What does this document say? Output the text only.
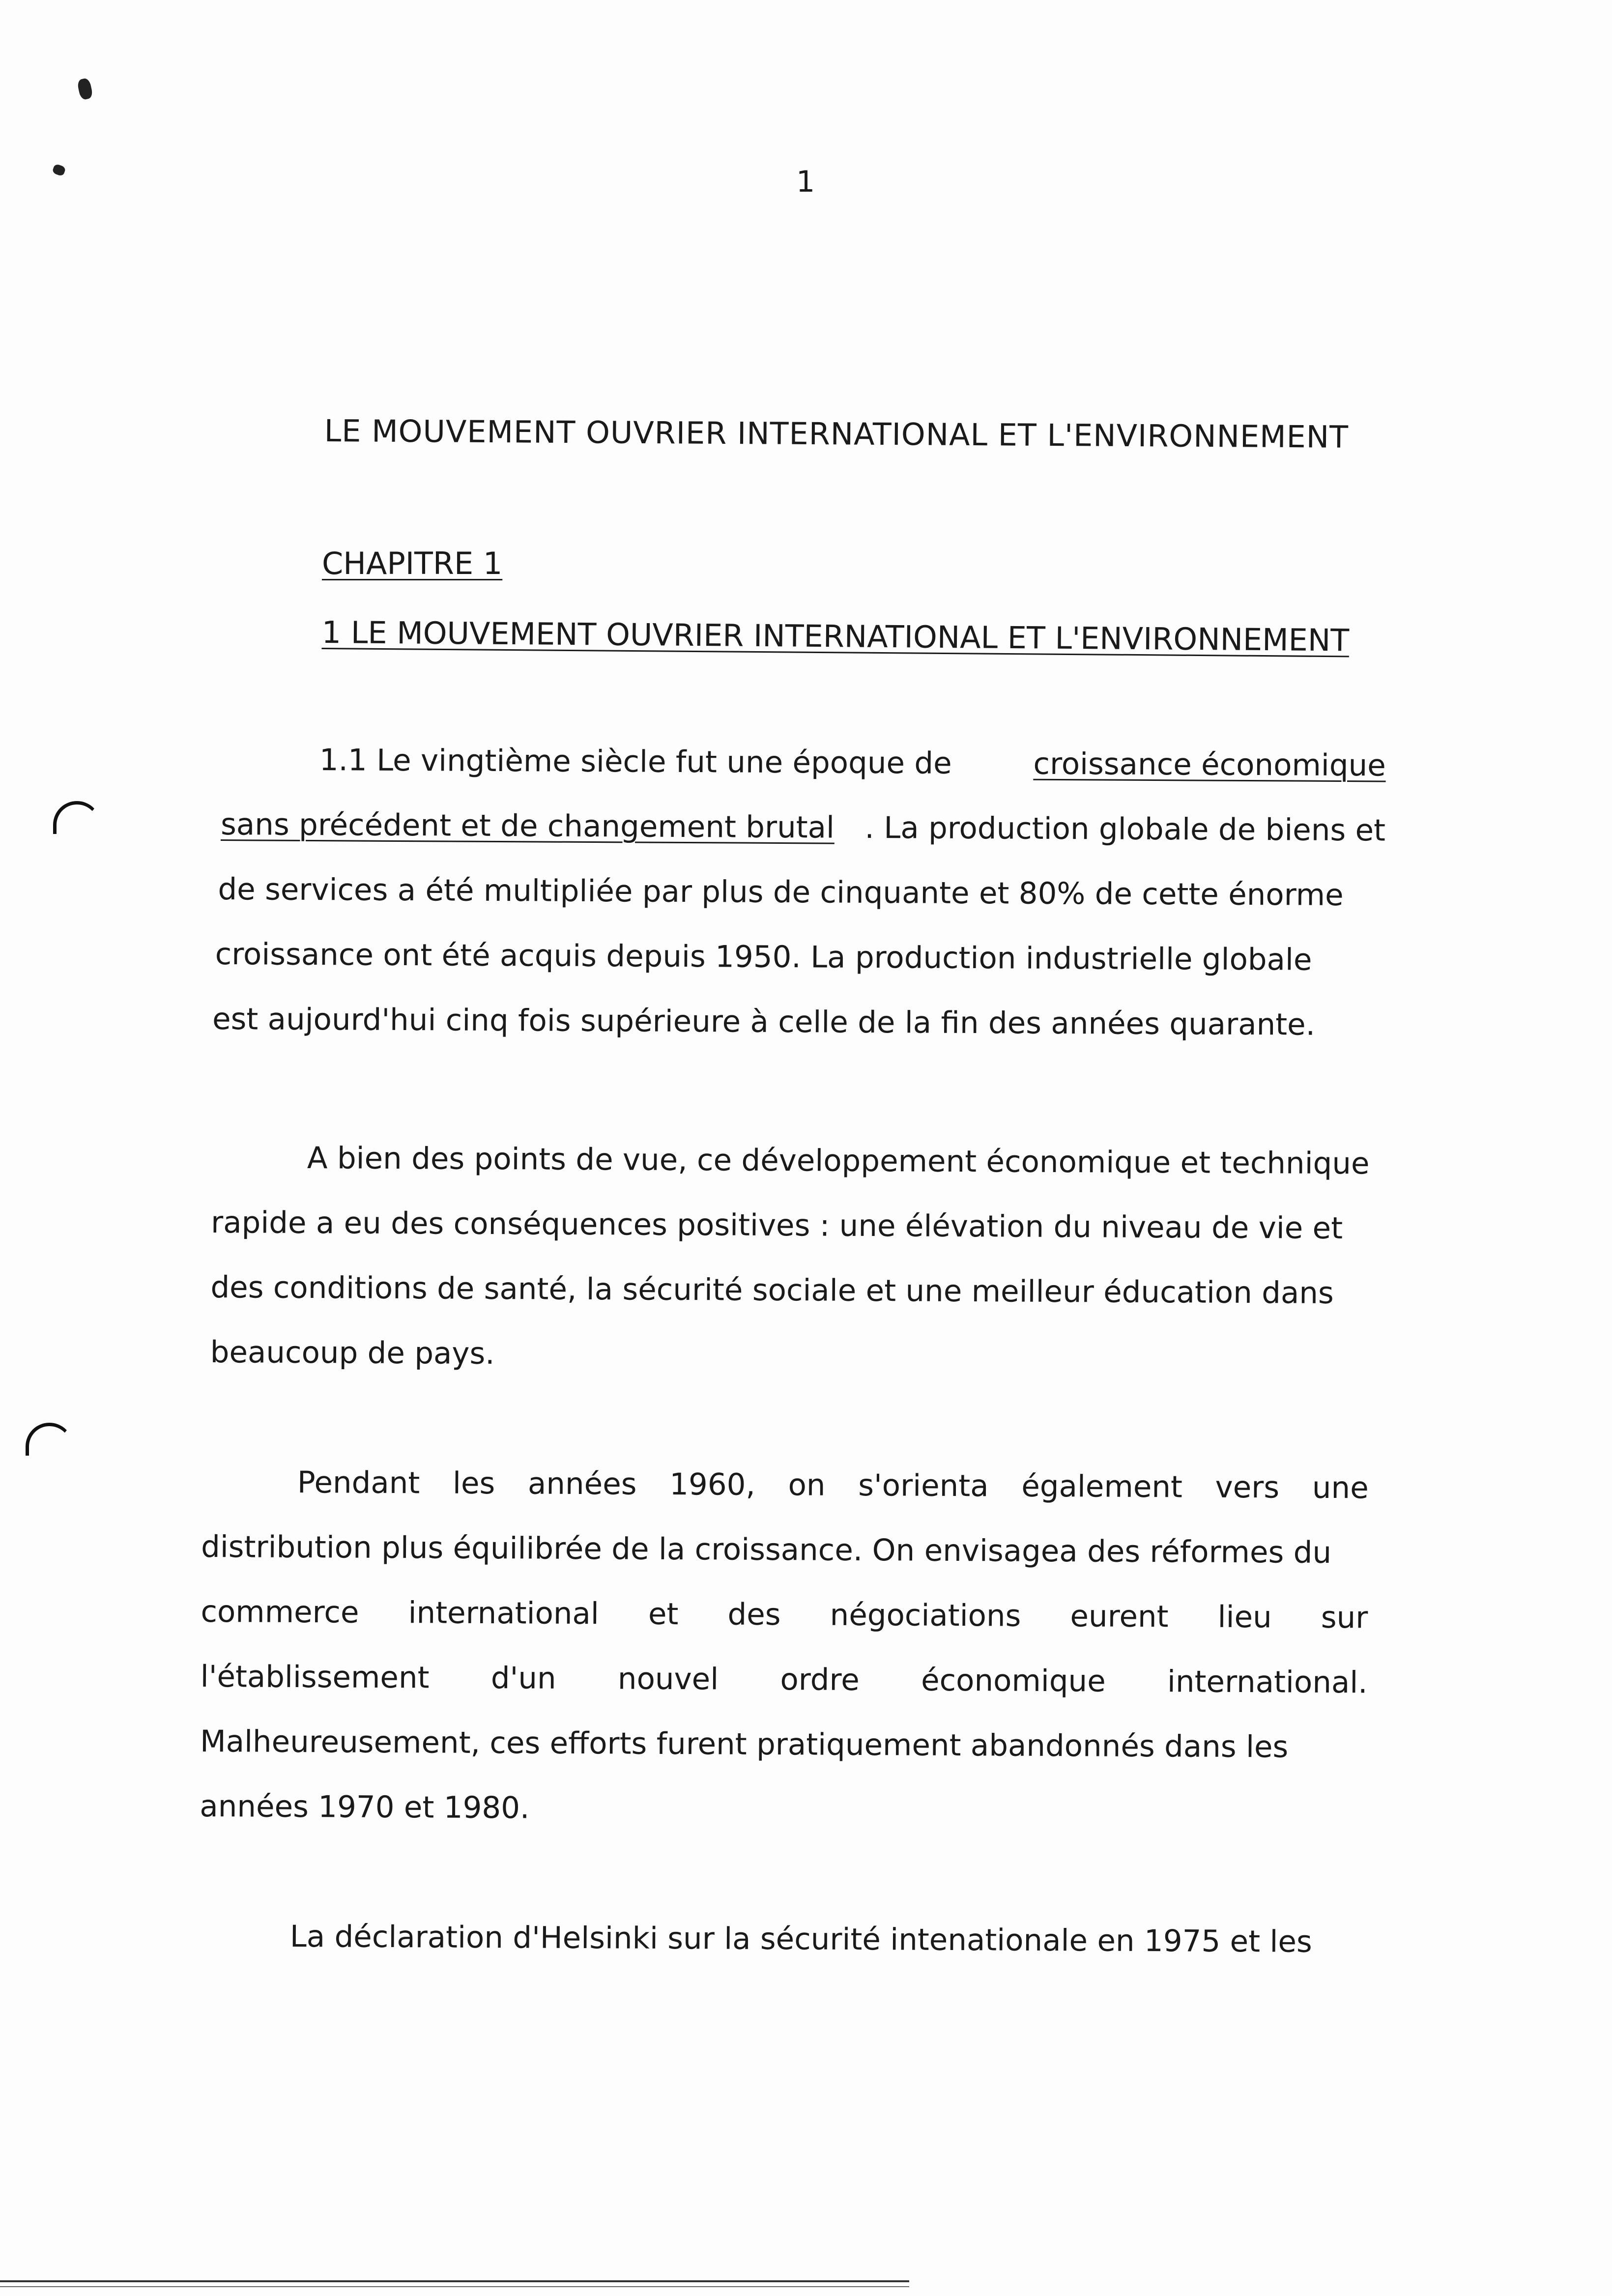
1
LE MOUVEMENT OUVRIER INTERNATIONAL ET L'ENVIRONNEMENT
CHAPITRE 1
1 LE MOUVEMENT OUVRIER INTERNATIONAL ET L'ENVIRONNEMENT
1.1 Le vingtième siècle fut une époque de	croissance économique
sans précédent et de changement brutal . La production globale de biens et
de services a été multipliée par plus de cinquante et 80% de cette énorme
croissance ont été acquis depuis 1950. La production industrielle globale
est aujourd'hui cinq fois supérieure à celle de la fin des années quarante.
A bien des points de vue, ce développement économique et technique
rapide a eu des conséquences positives : une élévation du niveau de vie et
des conditions de santé, la sécurité sociale et une meilleur éducation dans
beaucoup de pays.
Pendant les années 1960, on s'orienta également vers une
distribution plus équilibrée de la croissance. On envisagea des réformes du
commerce international et des négociations eurent lieu sur
l'établissement d'un nouvel ordre économique international.
Malheureusement, ces efforts furent pratiquement abandonnés dans les
années 1970 et 1980.
La déclaration d'Helsinki sur la sécurité intenationale en 1975 et les
